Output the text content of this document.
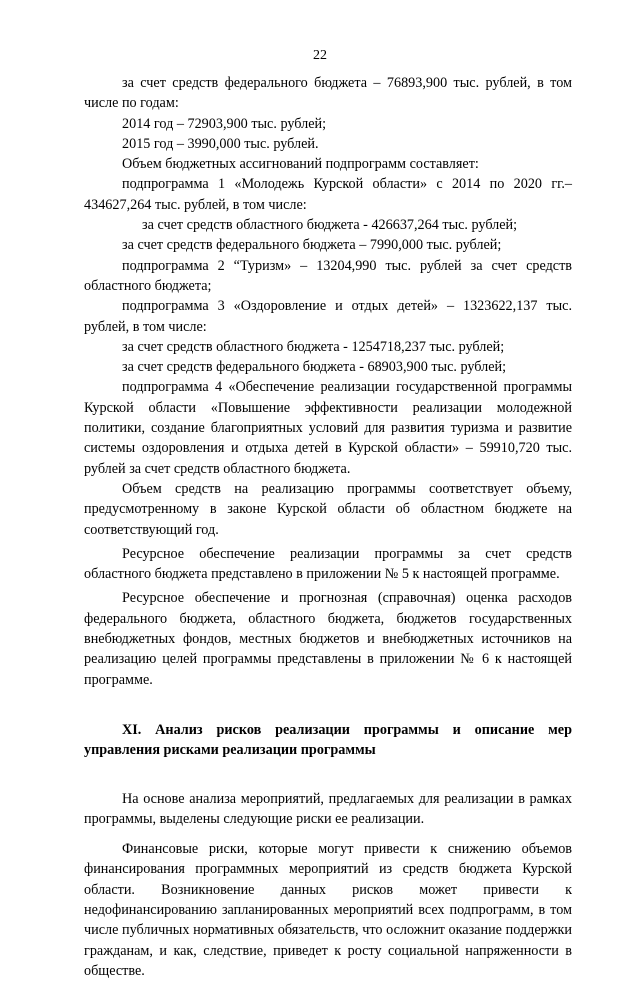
22

за счет средств федерального бюджета – 76893,900 тыс. рублей, в том числе по годам:

2014 год – 72903,900 тыс. рублей;

2015 год – 3990,000 тыс. рублей.

Объем бюджетных ассигнований подпрограмм составляет:

подпрограмма 1 «Молодежь Курской области» с 2014 по 2020 гг.– 434627,264 тыс. рублей, в том числе:

за счет средств областного бюджета - 426637,264 тыс. рублей;

за счет средств федерального бюджета – 7990,000 тыс. рублей;

подпрограмма 2 “Туризм» – 13204,990 тыс. рублей за счет средств областного бюджета;

подпрограмма 3 «Оздоровление и отдых детей» – 1323622,137 тыс. рублей, в том числе:

за счет средств областного бюджета - 1254718,237 тыс. рублей;

за счет средств федерального бюджета - 68903,900 тыс. рублей;

подпрограмма 4 «Обеспечение реализации государственной программы Курской области «Повышение эффективности реализации молодежной политики, создание благоприятных условий для развития туризма и развитие системы оздоровления и отдыха детей в Курской области» – 59910,720 тыс. рублей за счет средств областного бюджета.

Объем средств на реализацию программы соответствует объему, предусмотренному в законе Курской области об областном бюджете на соответствующий год.

Ресурсное обеспечение реализации программы за счет средств областного бюджета представлено в приложении № 5 к настоящей программе.

Ресурсное обеспечение и прогнозная (справочная) оценка расходов федерального бюджета, областного бюджета, бюджетов государственных внебюджетных фондов, местных бюджетов и внебюджетных источников на реализацию целей программы представлены в приложении № 6 к настоящей программе.

XI. Анализ рисков реализации программы и описание мер управления рисками реализации программы

На основе анализа мероприятий, предлагаемых для реализации в рамках программы, выделены следующие риски ее реализации.

Финансовые риски, которые могут привести к снижению объемов финансирования программных мероприятий из средств бюджета Курской области. Возникновение данных рисков может привести к недофинансированию запланированных мероприятий всех подпрограмм, в том числе публичных нормативных обязательств, что осложнит оказание поддержки гражданам, и как, следствие, приведет к росту социальной напряженности в обществе.
